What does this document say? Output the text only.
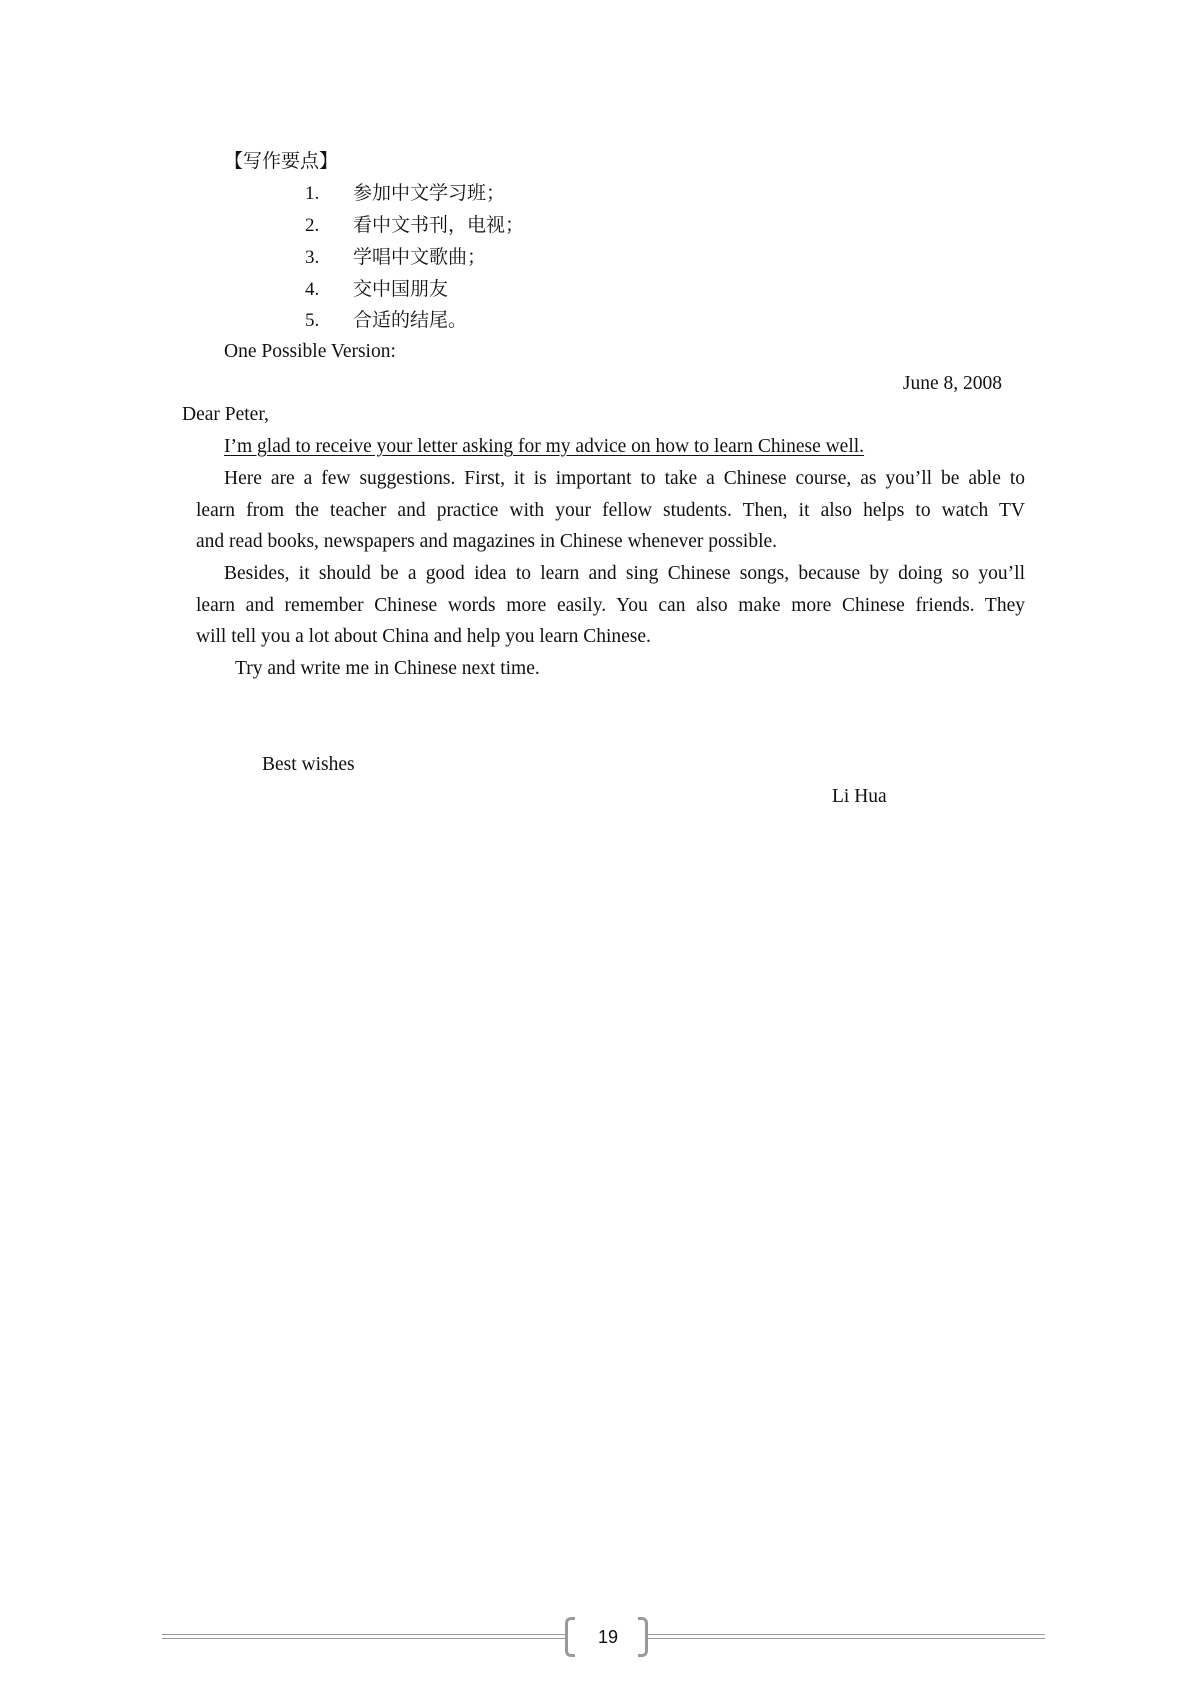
【写作要点】
1. 参加中文学习班；
2. 看中文书刊，电视；
3. 学唱中文歌曲；
4. 交中国朋友
5. 合适的结尾。
One Possible Version:
June 8, 2008
Dear Peter,
I’m glad to receive your letter asking for my advice on how to learn Chinese well.
Here are a few suggestions. First, it is important to take a Chinese course, as you’ll be able to
learn from the teacher and practice with your fellow students. Then, it also helps to watch TV
and read books, newspapers and magazines in Chinese whenever possible.
Besides, it should be a good idea to learn and sing Chinese songs, because by doing so you’ll
learn and remember Chinese words more easily. You can also make more Chinese friends. They
will tell you a lot about China and help you learn Chinese.
Try and write me in Chinese next time.
Best wishes
Li Hua
19
